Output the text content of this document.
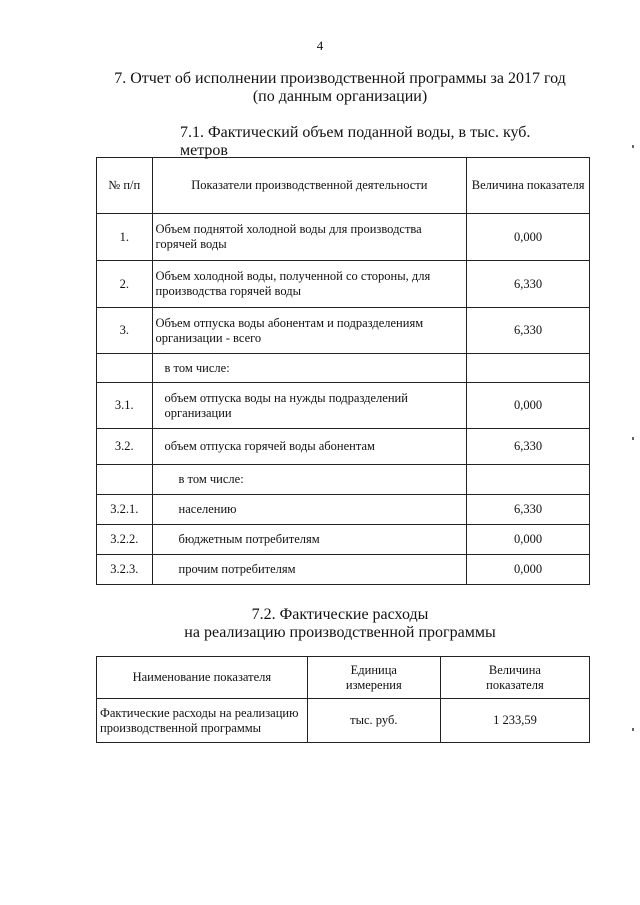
4
7. Отчет об исполнении производственной программы за 2017 год
(по данным организации)
7.1. Фактический объем поданной воды, в тыс. куб. метров
№ п/п	Показатели производственной деятельности	Величина показателя
1.	Объем поднятой холодной воды для производства горячей воды	0,000
2.	Объем холодной воды, полученной со стороны, для производства горячей воды	6,330
3.	Объем отпуска воды абонентам и подразделениям организации - всего	6,330
	в том числе:	
3.1.	объем отпуска воды на нужды подразделений организации	0,000
3.2.	объем отпуска горячей воды абонентам	6,330
	в том числе:	
3.2.1.	населению	6,330
3.2.2.	бюджетным потребителям	0,000
3.2.3.	прочим потребителям	0,000
7.2. Фактические расходы
на реализацию производственной программы
Наименование показателя	Единица измерения	Величина показателя
Фактические расходы на реализацию производственной программы	тыс. руб.	1 233,59
